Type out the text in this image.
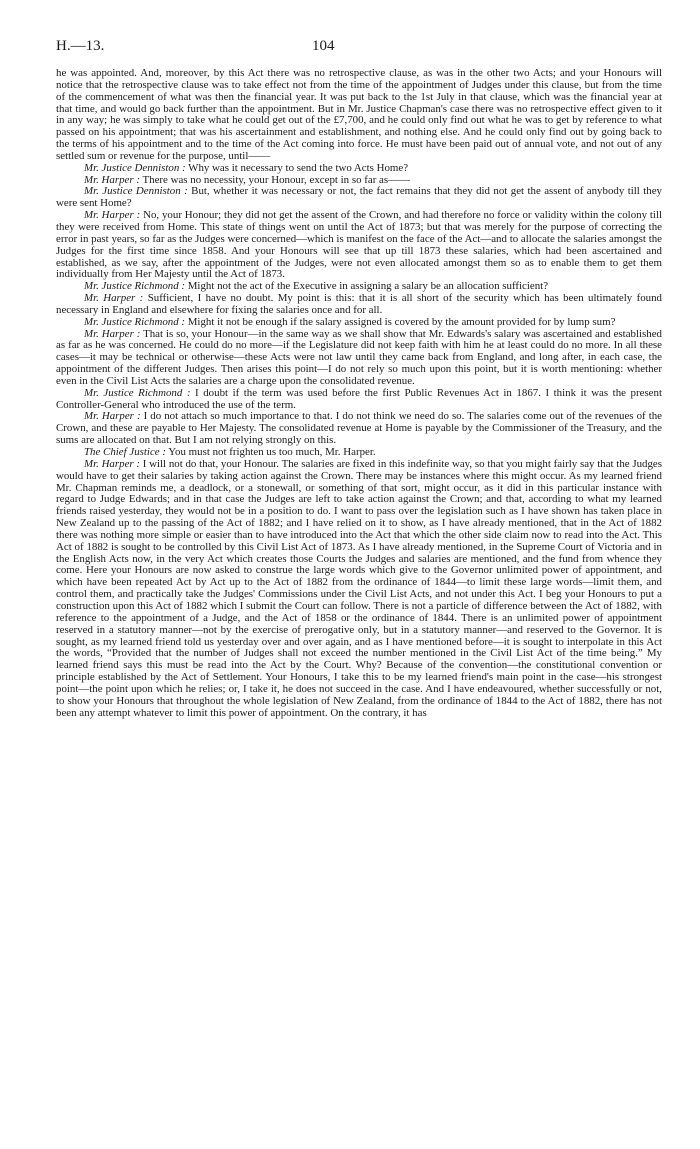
H.—13.	104

he was appointed. And, moreover, by this Act there was no retrospective clause, as was in the other two Acts; and your Honours will notice that the retrospective clause was to take effect not from the time of the appointment of Judges under this clause, but from the time of the commencement of what was then the financial year. It was put back to the 1st July in that clause, which was the financial year at that time, and would go back further than the appointment. But in Mr. Justice Chapman's case there was no retrospective effect given to it in any way; he was simply to take what he could get out of the £7,700, and he could only find out what he was to get by reference to what passed on his appointment; that was his ascertainment and establishment, and nothing else. And he could only find out by going back to the terms of his appointment and to the time of the Act coming into force. He must have been paid out of annual vote, and not out of any settled sum or revenue for the purpose, until——

Mr. Justice Denniston : Why was it necessary to send the two Acts Home?

Mr. Harper : There was no necessity, your Honour, except in so far as——

Mr. Justice Denniston : But, whether it was necessary or not, the fact remains that they did not get the assent of anybody till they were sent Home?

Mr. Harper : No, your Honour; they did not get the assent of the Crown, and had therefore no force or validity within the colony till they were received from Home. This state of things went on until the Act of 1873; but that was merely for the purpose of correcting the error in past years, so far as the Judges were concerned—which is manifest on the face of the Act—and to allocate the salaries amongst the Judges for the first time since 1858. And your Honours will see that up till 1873 these salaries, which had been ascertained and established, as we say, after the appointment of the Judges, were not even allocated amongst them so as to enable them to get them individually from Her Majesty until the Act of 1873.

Mr. Justice Richmond : Might not the act of the Executive in assigning a salary be an allocation sufficient?

Mr. Harper : Sufficient, I have no doubt. My point is this: that it is all short of the security which has been ultimately found necessary in England and elsewhere for fixing the salaries once and for all.

Mr. Justice Richmond : Might it not be enough if the salary assigned is covered by the amount provided for by lump sum?

Mr. Harper : That is so, your Honour—in the same way as we shall show that Mr. Edwards's salary was ascertained and established as far as he was concerned. He could do no more—if the Legislature did not keep faith with him he at least could do no more. In all these cases—it may be technical or otherwise—these Acts were not law until they came back from England, and long after, in each case, the appointment of the different Judges. Then arises this point—I do not rely so much upon this point, but it is worth mentioning: whether even in the Civil List Acts the salaries are a charge upon the consolidated revenue.

Mr. Justice Richmond : I doubt if the term was used before the first Public Revenues Act in 1867. I think it was the present Controller-General who introduced the use of the term.

Mr. Harper : I do not attach so much importance to that. I do not think we need do so. The salaries come out of the revenues of the Crown, and these are payable to Her Majesty. The consolidated revenue at Home is payable by the Commissioner of the Treasury, and the sums are allocated on that. But I am not relying strongly on this.

The Chief Justice : You must not frighten us too much, Mr. Harper.

Mr. Harper : I will not do that, your Honour. The salaries are fixed in this indefinite way, so that you might fairly say that the Judges would have to get their salaries by taking action against the Crown. There may be instances where this might occur. As my learned friend Mr. Chapman reminds me, a deadlock, or a stonewall, or something of that sort, might occur, as it did in this particular instance with regard to Judge Edwards; and in that case the Judges are left to take action against the Crown; and that, according to what my learned friends raised yesterday, they would not be in a position to do. I want to pass over the legislation such as I have shown has taken place in New Zealand up to the passing of the Act of 1882; and I have relied on it to show, as I have already mentioned, that in the Act of 1882 there was nothing more simple or easier than to have introduced into the Act that which the other side claim now to read into the Act. This Act of 1882 is sought to be controlled by this Civil List Act of 1873. As I have already mentioned, in the Supreme Court of Victoria and in the English Acts now, in the very Act which creates those Courts the Judges and salaries are mentioned, and the fund from whence they come. Here your Honours are now asked to construe the large words which give to the Governor unlimited power of appointment, and which have been repeated Act by Act up to the Act of 1882 from the ordinance of 1844—to limit these large words—limit them, and control them, and practically take the Judges' Commissions under the Civil List Acts, and not under this Act. I beg your Honours to put a construction upon this Act of 1882 which I submit the Court can follow. There is not a particle of difference between the Act of 1882, with reference to the appointment of a Judge, and the Act of 1858 or the ordinance of 1844. There is an unlimited power of appointment reserved in a statutory manner—not by the exercise of prerogative only, but in a statutory manner—and reserved to the Governor. It is sought, as my learned friend told us yesterday over and over again, and as I have mentioned before—it is sought to interpolate in this Act the words, “Provided that the number of Judges shall not exceed the number mentioned in the Civil List Act of the time being.” My learned friend says this must be read into the Act by the Court. Why? Because of the convention—the constitutional convention or principle established by the Act of Settlement. Your Honours, I take this to be my learned friend's main point in the case—his strongest point—the point upon which he relies; or, I take it, he does not succeed in the case. And I have endeavoured, whether successfully or not, to show your Honours that throughout the whole legislation of New Zealand, from the ordinance of 1844 to the Act of 1882, there has not been any attempt whatever to limit this power of appointment. On the contrary, it has
